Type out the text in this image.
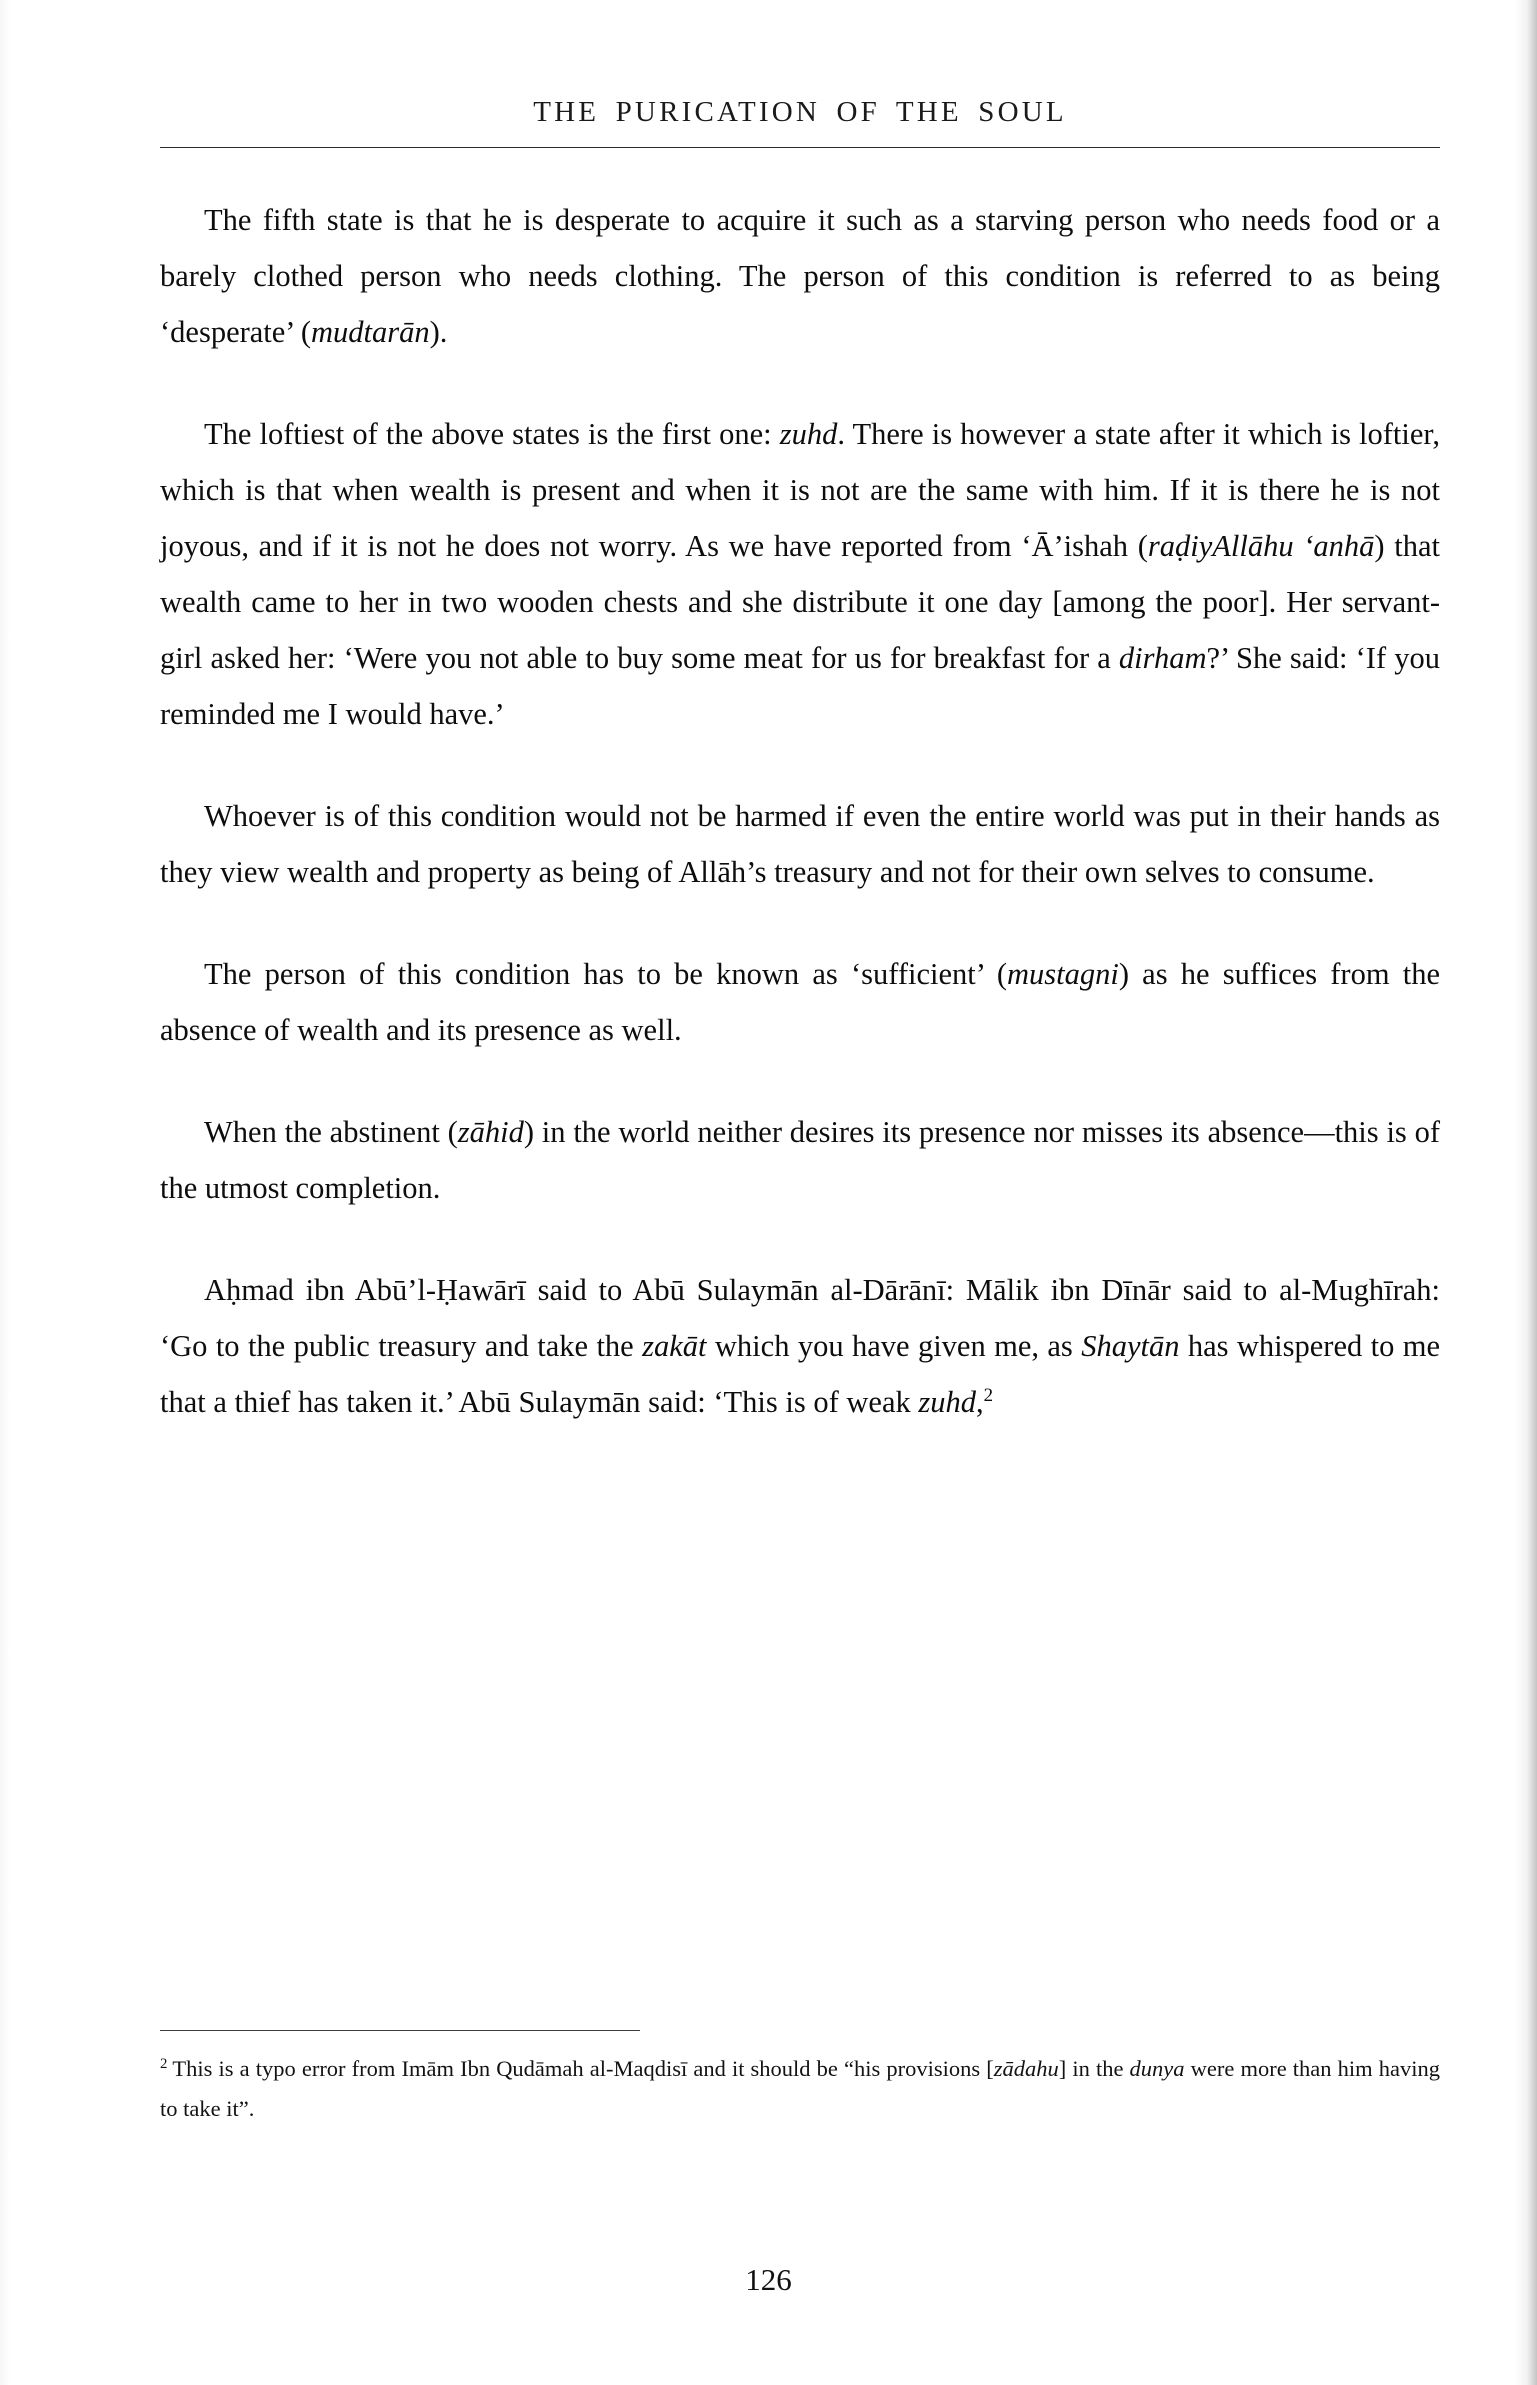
THE PURICATION OF THE SOUL

The fifth state is that he is desperate to acquire it such as a starving person who needs food or a barely clothed person who needs clothing. The person of this condition is referred to as being ‘desperate’ (mudtarān).

The loftiest of the above states is the first one: zuhd. There is however a state after it which is loftier, which is that when wealth is present and when it is not are the same with him. If it is there he is not joyous, and if it is not he does not worry. As we have reported from ‘Ā’ishah (raḍiyAllāhu ‘anhā) that wealth came to her in two wooden chests and she distribute it one day [among the poor]. Her servant-girl asked her: ‘Were you not able to buy some meat for us for breakfast for a dirham?’ She said: ‘If you reminded me I would have.’

Whoever is of this condition would not be harmed if even the entire world was put in their hands as they view wealth and property as being of Allāh’s treasury and not for their own selves to consume.

The person of this condition has to be known as ‘sufficient’ (mustagni) as he suffices from the absence of wealth and its presence as well.

When the abstinent (zāhid) in the world neither desires its presence nor misses its absence—this is of the utmost completion.

Aḥmad ibn Abū’l-Ḥawārī said to Abū Sulaymān al-Dārānī: Mālik ibn Dīnār said to al-Mughīrah: ‘Go to the public treasury and take the zakāt which you have given me, as Shaytān has whispered to me that a thief has taken it.’ Abū Sulaymān said: ‘This is of weak zuhd,$^2$

$^2$ This is a typo error from Imām Ibn Qudāmah al-Maqdisī and it should be “his provisions [zādahu] in the dunya were more than him having to take it”.
126
